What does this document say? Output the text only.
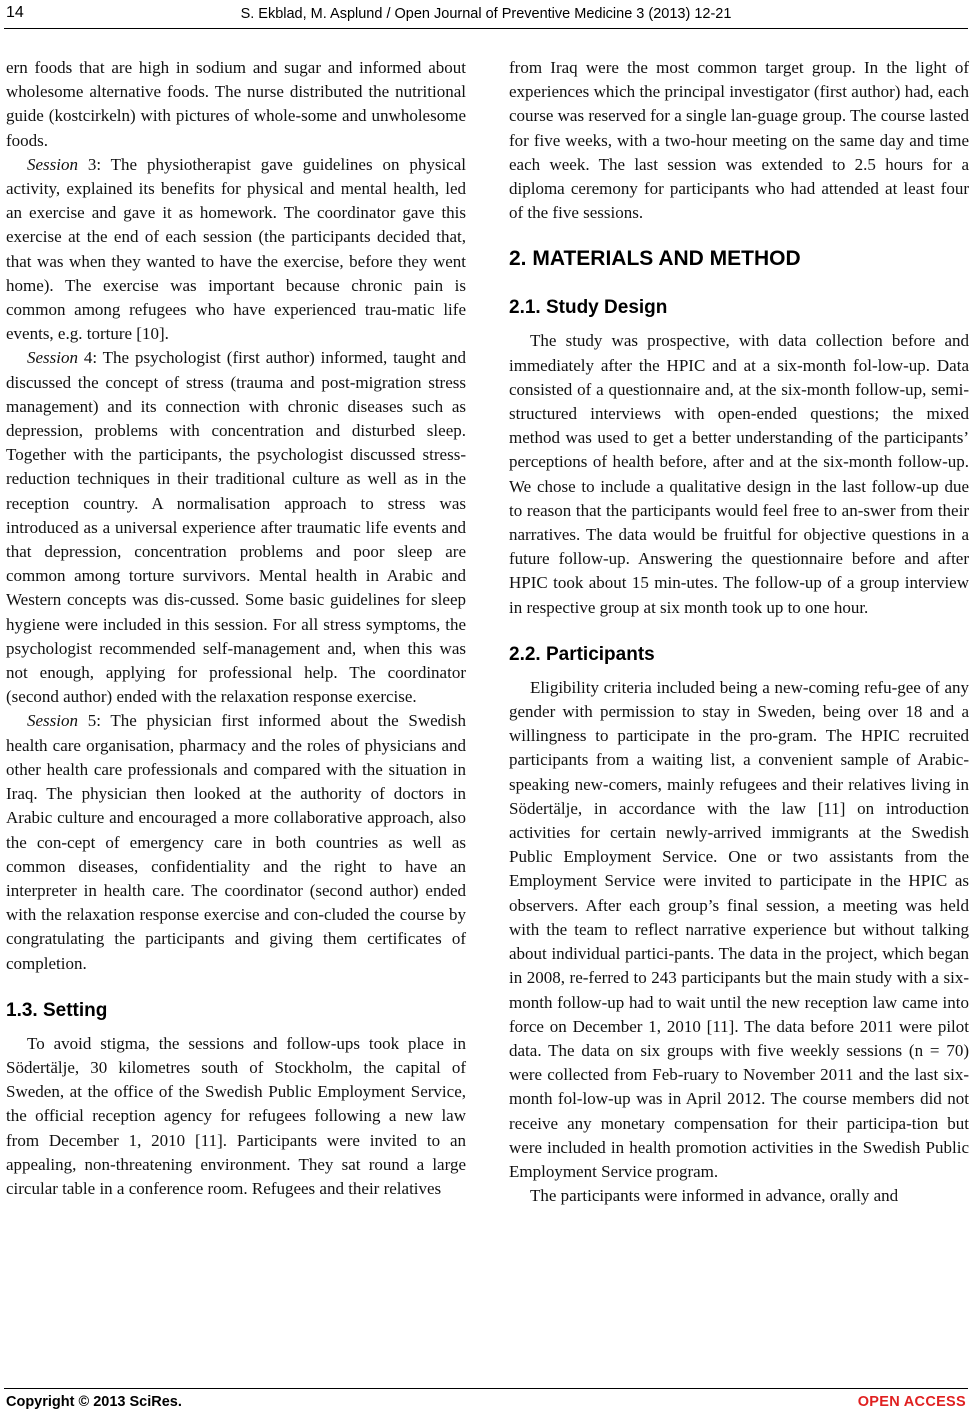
14	S. Ekblad, M. Asplund / Open Journal of Preventive Medicine 3 (2013) 12-21

ern foods that are high in sodium and sugar and informed about wholesome alternative foods. The nurse distributed the nutritional guide (kostcirkeln) with pictures of whole-some and unwholesome foods.

Session 3: The physiotherapist gave guidelines on physical activity, explained its benefits for physical and mental health, led an exercise and gave it as homework. The coordinator gave this exercise at the end of each session (the participants decided that, that was when they wanted to have the exercise, before they went home). The exercise was important because chronic pain is common among refugees who have experienced trau-matic life events, e.g. torture [10].

Session 4: The psychologist (first author) informed, taught and discussed the concept of stress (trauma and post-migration stress management) and its connection with chronic diseases such as depression, problems with concentration and disturbed sleep. Together with the participants, the psychologist discussed stress-reduction techniques in their traditional culture as well as in the reception country. A normalisation approach to stress was introduced as a universal experience after traumatic life events and that depression, concentration problems and poor sleep are common among torture survivors. Mental health in Arabic and Western concepts was dis-cussed. Some basic guidelines for sleep hygiene were included in this session. For all stress symptoms, the psychologist recommended self-management and, when this was not enough, applying for professional help. The coordinator (second author) ended with the relaxation response exercise.

Session 5: The physician first informed about the Swedish health care organisation, pharmacy and the roles of physicians and other health care professionals and compared with the situation in Iraq. The physician then looked at the authority of doctors in Arabic culture and encouraged a more collaborative approach, also the con-cept of emergency care in both countries as well as common diseases, confidentiality and the right to have an interpreter in health care. The coordinator (second author) ended with the relaxation response exercise and con-cluded the course by congratulating the participants and giving them certificates of completion.

1.3. Setting

To avoid stigma, the sessions and follow-ups took place in Södertälje, 30 kilometres south of Stockholm, the capital of Sweden, at the office of the Swedish Public Employment Service, the official reception agency for refugees following a new law from December 1, 2010 [11]. Participants were invited to an appealing, non-threatening environment. They sat round a large circular table in a conference room. Refugees and their relatives

from Iraq were the most common target group. In the light of experiences which the principal investigator (first author) had, each course was reserved for a single lan-guage group. The course lasted for five weeks, with a two-hour meeting on the same day and time each week. The last session was extended to 2.5 hours for a diploma ceremony for participants who had attended at least four of the five sessions.

2. MATERIALS AND METHOD
2.1. Study Design

The study was prospective, with data collection before and immediately after the HPIC and at a six-month fol-low-up. Data consisted of a questionnaire and, at the six-month follow-up, semi-structured interviews with open-ended questions; the mixed method was used to get a better understanding of the participants’ perceptions of health before, after and at the six-month follow-up. We chose to include a qualitative design in the last follow-up due to reason that the participants would feel free to an-swer from their narratives. The data would be fruitful for objective questions in a future follow-up. Answering the questionnaire before and after HPIC took about 15 min-utes. The follow-up of a group interview in respective group at six month took up to one hour.

2.2. Participants

Eligibility criteria included being a new-coming refu-gee of any gender with permission to stay in Sweden, being over 18 and a willingness to participate in the pro-gram. The HPIC recruited participants from a waiting list, a convenient sample of Arabic-speaking new-comers, mainly refugees and their relatives living in Södertälje, in accordance with the law [11] on introduction activities for certain newly-arrived immigrants at the Swedish Public Employment Service. One or two assistants from the Employment Service were invited to participate in the HPIC as observers. After each group’s final session, a meeting was held with the team to reflect narrative experience but without talking about individual partici-pants. The data in the project, which began in 2008, re-ferred to 243 participants but the main study with a six-month follow-up had to wait until the new reception law came into force on December 1, 2010 [11]. The data before 2011 were pilot data. The data on six groups with five weekly sessions (n = 70) were collected from Feb-ruary to November 2011 and the last six-month fol-low-up was in April 2012. The course members did not receive any monetary compensation for their participa-tion but were included in health promotion activities in the Swedish Public Employment Service program.

The participants were informed in advance, orally and

Copyright © 2013 SciRes.	OPEN ACCESS
